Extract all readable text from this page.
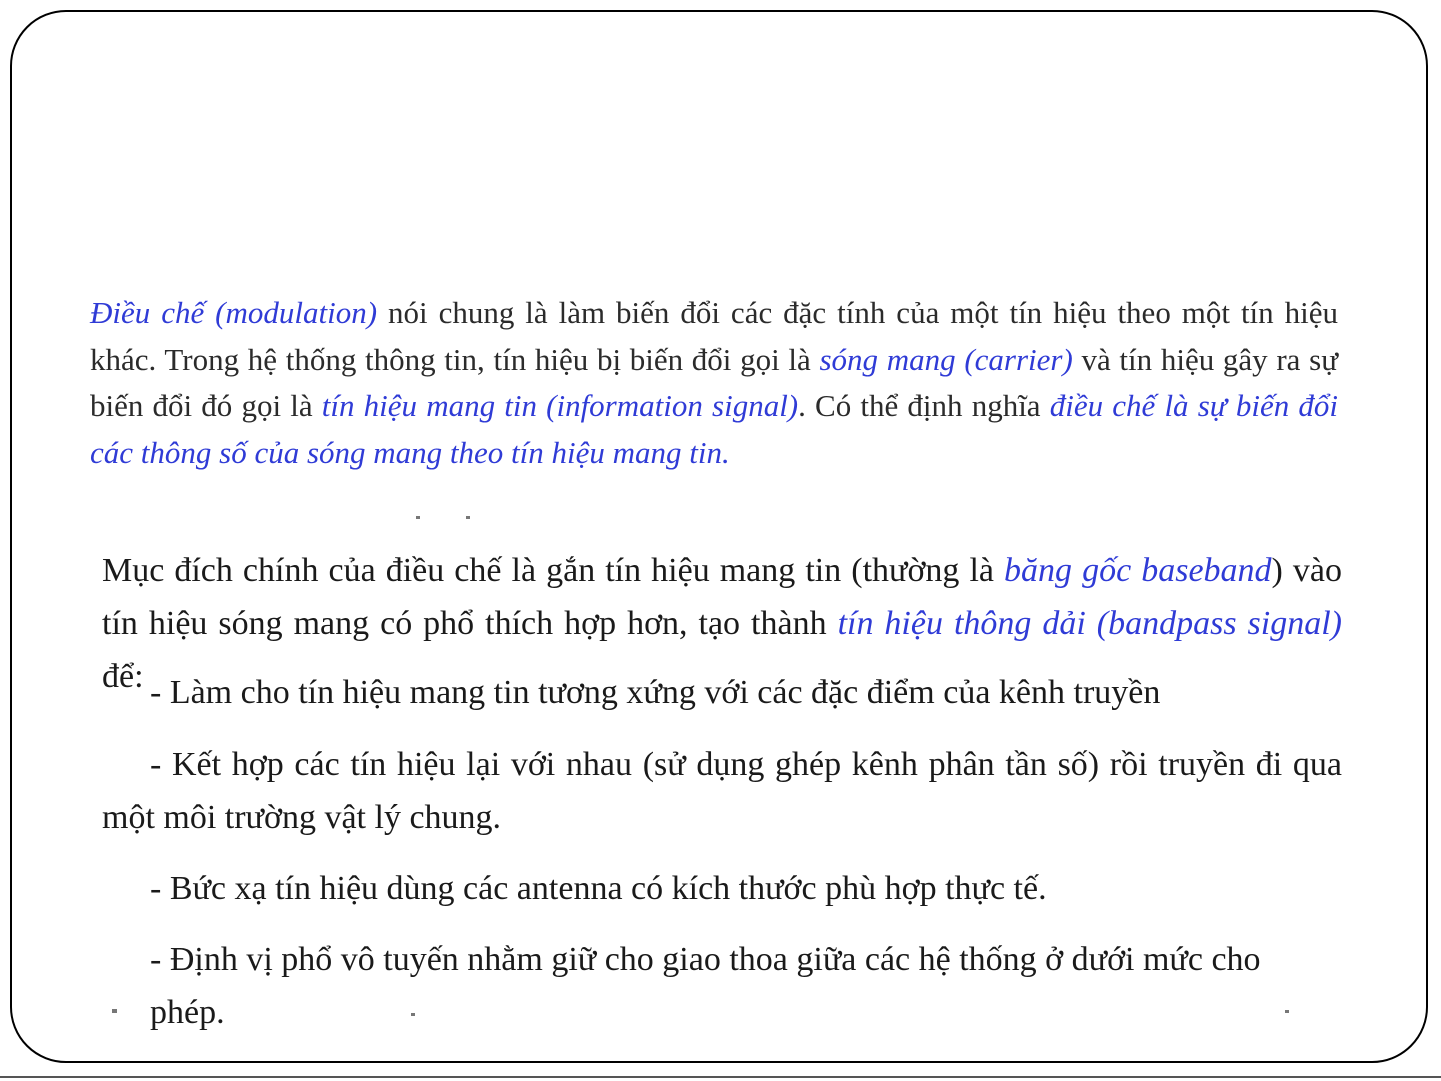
Điều chế (modulation) nói chung là làm biến đổi các đặc tính của một tín hiệu theo một tín hiệu khác. Trong hệ thống thông tin, tín hiệu bị biến đổi gọi là sóng mang (carrier) và tín hiệu gây ra sự biến đổi đó gọi là tín hiệu mang tin (information signal). Có thể định nghĩa điều chế là sự biến đổi các thông số của sóng mang theo tín hiệu mang tin.

Mục đích chính của điều chế là gắn tín hiệu mang tin (thường là băng gốc baseband) vào tín hiệu sóng mang có phổ thích hợp hơn, tạo thành tín hiệu thông dải (bandpass signal) để: - Làm cho tín hiệu mang tin tương xứng với các đặc điểm của kênh truyền

- Kết hợp các tín hiệu lại với nhau (sử dụng ghép kênh phân tần số) rồi truyền đi qua một môi trường vật lý chung.

- Bức xạ tín hiệu dùng các antenna có kích thước phù hợp thực tế.

- Định vị phổ vô tuyến nhằm giữ cho giao thoa giữa các hệ thống ở dưới mức cho phép.
